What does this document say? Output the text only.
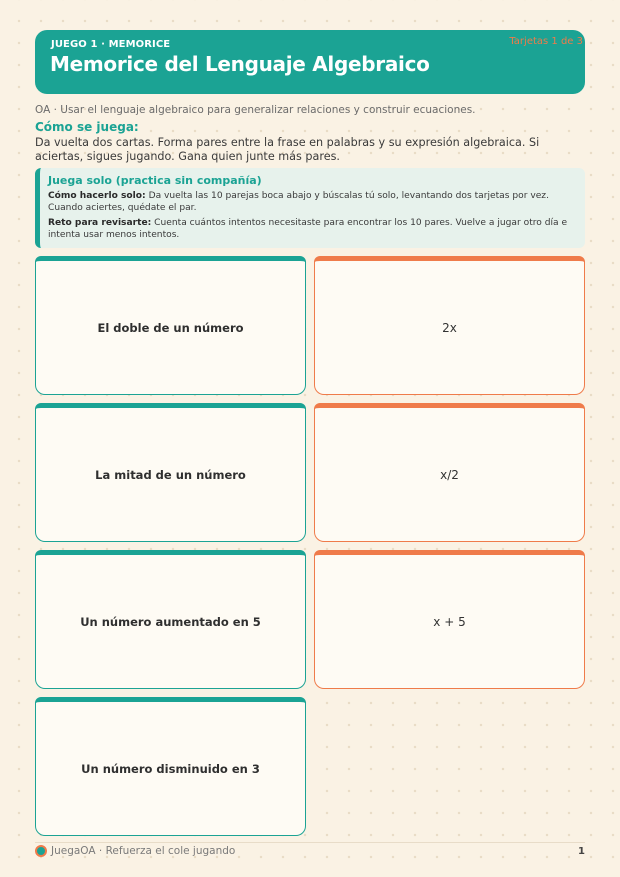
JUEGO 1 · MEMORICE
Memorice del Lenguaje Algebraico
Tarjetas 1 de 3
OA · Usar el lenguaje algebraico para generalizar relaciones y construir ecuaciones.
Cómo se juega:
Da vuelta dos cartas. Forma pares entre la frase en palabras y su expresión algebraica. Si aciertas, sigues jugando. Gana quien junte más pares.
Juega solo (practica sin compañía)

Cómo hacerlo solo: Da vuelta las 10 parejas boca abajo y búscalas tú solo, levantando dos tarjetas por vez. Cuando aciertes, quédate el par.

Reto para revisarte: Cuenta cuántos intentos necesitaste para encontrar los 10 pares. Vuelve a jugar otro día e intenta usar menos intentos.

El doble de un número	2x
La mitad de un número	x/2
Un número aumentado en 5	x + 5
Un número disminuido en 3
JuegaOA · Refuerza el cole jugando	1
